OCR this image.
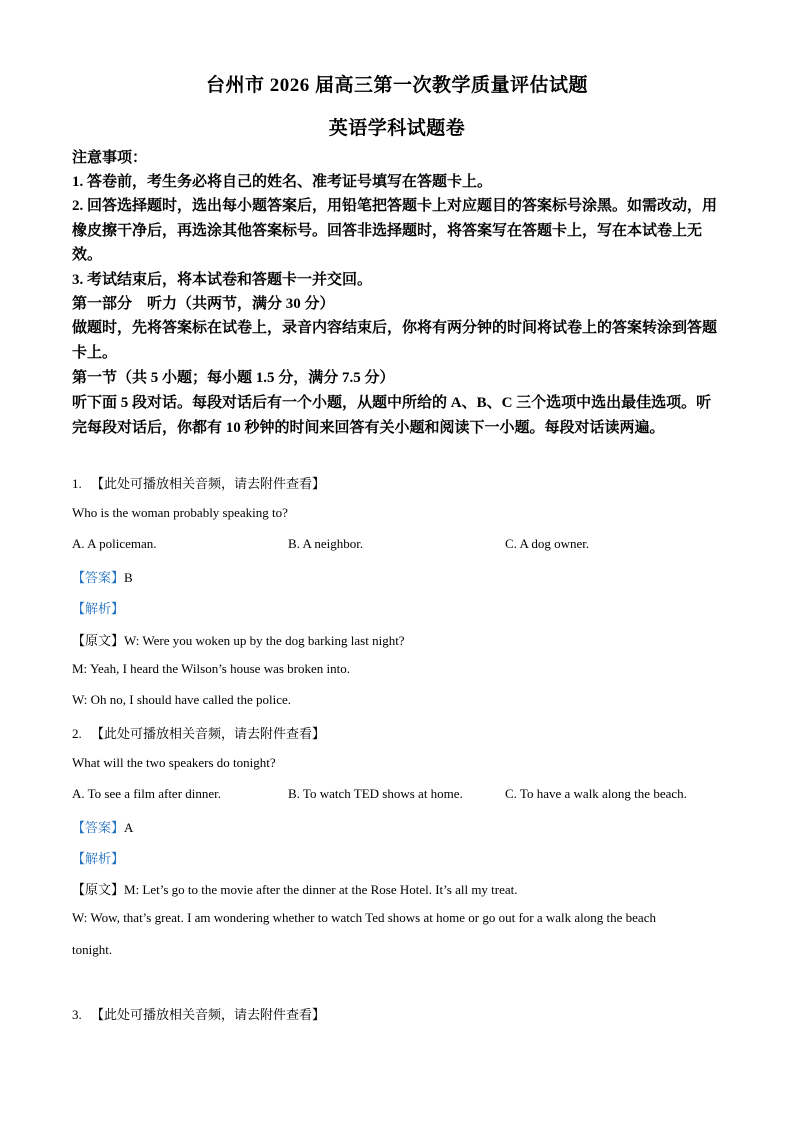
台州市 2026 届高三第一次教学质量评估试题
英语学科试题卷
注意事项：
1. 答卷前，考生务必将自己的姓名、准考证号填写在答题卡上。
2. 回答选择题时，选出每小题答案后，用铅笔把答题卡上对应题目的答案标号涂黑。如需改动，用橡皮擦干净后，再选涂其他答案标号。回答非选择题时，将答案写在答题卡上，写在本试卷上无效。
3. 考试结束后，将本试卷和答题卡一并交回。
第一部分　听力（共两节，满分 30 分）
做题时，先将答案标在试卷上，录音内容结束后，你将有两分钟的时间将试卷上的答案转涂到答题卡上。
第一节（共 5 小题；每小题 1.5 分，满分 7.5 分）
听下面 5 段对话。每段对话后有一个小题，从题中所给的 A、B、C 三个选项中选出最佳选项。听完每段对话后，你都有 10 秒钟的时间来回答有关小题和阅读下一小题。每段对话读两遍。
1. 【此处可播放相关音频，请去附件查看】
Who is the woman probably speaking to?
A. A policeman.	B. A neighbor.	C. A dog owner.
【答案】B
【解析】
【原文】W: Were you woken up by the dog barking last night?
M: Yeah, I heard the Wilson’s house was broken into.
W: Oh no, I should have called the police.
2. 【此处可播放相关音频，请去附件查看】
What will the two speakers do tonight?
A. To see a film after dinner.	B. To watch TED shows at home.	C. To have a walk along the beach.
【答案】A
【解析】
【原文】M: Let’s go to the movie after the dinner at the Rose Hotel. It’s all my treat.
W: Wow, that’s great. I am wondering whether to watch Ted shows at home or go out for a walk along the beach
tonight.
3. 【此处可播放相关音频，请去附件查看】
